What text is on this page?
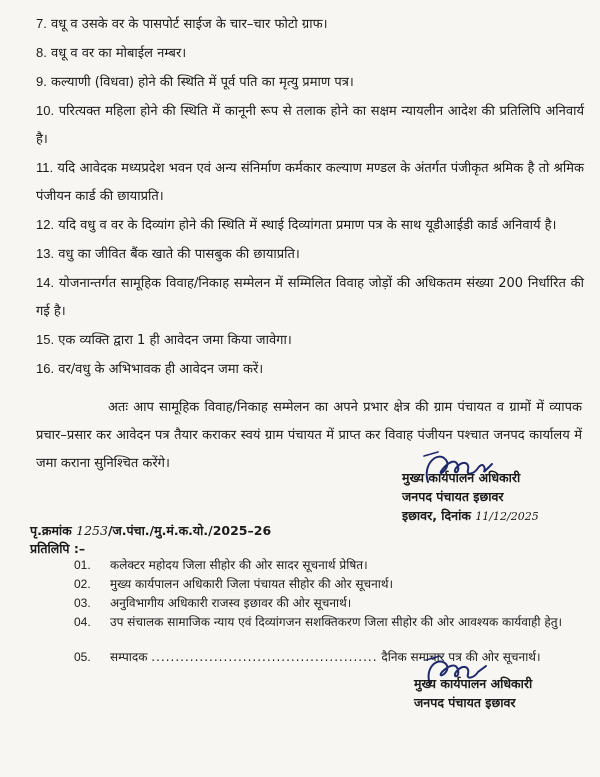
7. वधू व उसके वर के पासपोर्ट साईज के चार–चार फोटो ग्राफ।
8. वधू व वर का मोबाईल नम्बर।
9. कल्याणी (विधवा) होने की स्थिति में पूर्व पति का मृत्यु प्रमाण पत्र।
10. परित्यक्त महिला होने की स्थिति में कानूनी रूप से तलाक होने का सक्षम न्यायलीन आदेश की प्रतिलिपि अनिवार्य है।
11. यदि आवेदक मध्यप्रदेश भवन एवं अन्य संनिर्माण कर्मकार कल्याण मण्डल के अंतर्गत पंजीकृत श्रमिक है तो श्रमिक पंजीयन कार्ड की छायाप्रति।
12. यदि वधु व वर के दिव्यांग होने की स्थिति में स्थाई दिव्यांगता प्रमाण पत्र के साथ यूडीआईडी कार्ड अनिवार्य है।
13. वधु का जीवित बैंक खाते की पासबुक की छायाप्रति।
14. योजनान्तर्गत सामूहिक विवाह/निकाह सम्मेलन में सम्मिलित विवाह जोड़ों की अधिकतम संख्या 200 निर्धारित की गई है।
15. एक व्यक्ति द्वारा 1 ही आवेदन जमा किया जावेगा।
16. वर/वधु के अभिभावक ही आवेदन जमा करें।
अतः आप सामूहिक विवाह/निकाह सम्मेलन का अपने प्रभार क्षेत्र की ग्राम पंचायत व ग्रामों में व्यापक प्रचार–प्रसार कर आवेदन पत्र तैयार कराकर स्वयं ग्राम पंचायत में प्राप्त कर विवाह पंजीयन पश्चात जनपद कार्यालय में जमा कराना सुनिश्चित करेंगे।
मुख्य कार्यपालन अधिकारी
जनपद पंचायत इछावर
इछावर, दिनांक 11/12/2025
पृ.क्रमांक 1253/ज.पंचा./मु.मं.क.यो./2025–26
प्रतिलिपि :–
01.	कलेक्टर महोदय जिला सीहोर की ओर सादर सूचनार्थ प्रेषित।
02.	मुख्य कार्यपालन अधिकारी जिला पंचायत सीहोर की ओर सूचनार्थ।
03.	अनुविभागीय अधिकारी राजस्व इछावर की ओर सूचनार्थ।
04.	उप संचालक सामाजिक न्याय एवं दिव्यांगजन सशक्तिकरण जिला सीहोर की ओर आवश्यक कार्यवाही हेतु।
05.	सम्पादक ............................................... दैनिक समाचार पत्र की ओर सूचनार्थ।
मुख्य कार्यपालन अधिकारी
जनपद पंचायत इछावर
